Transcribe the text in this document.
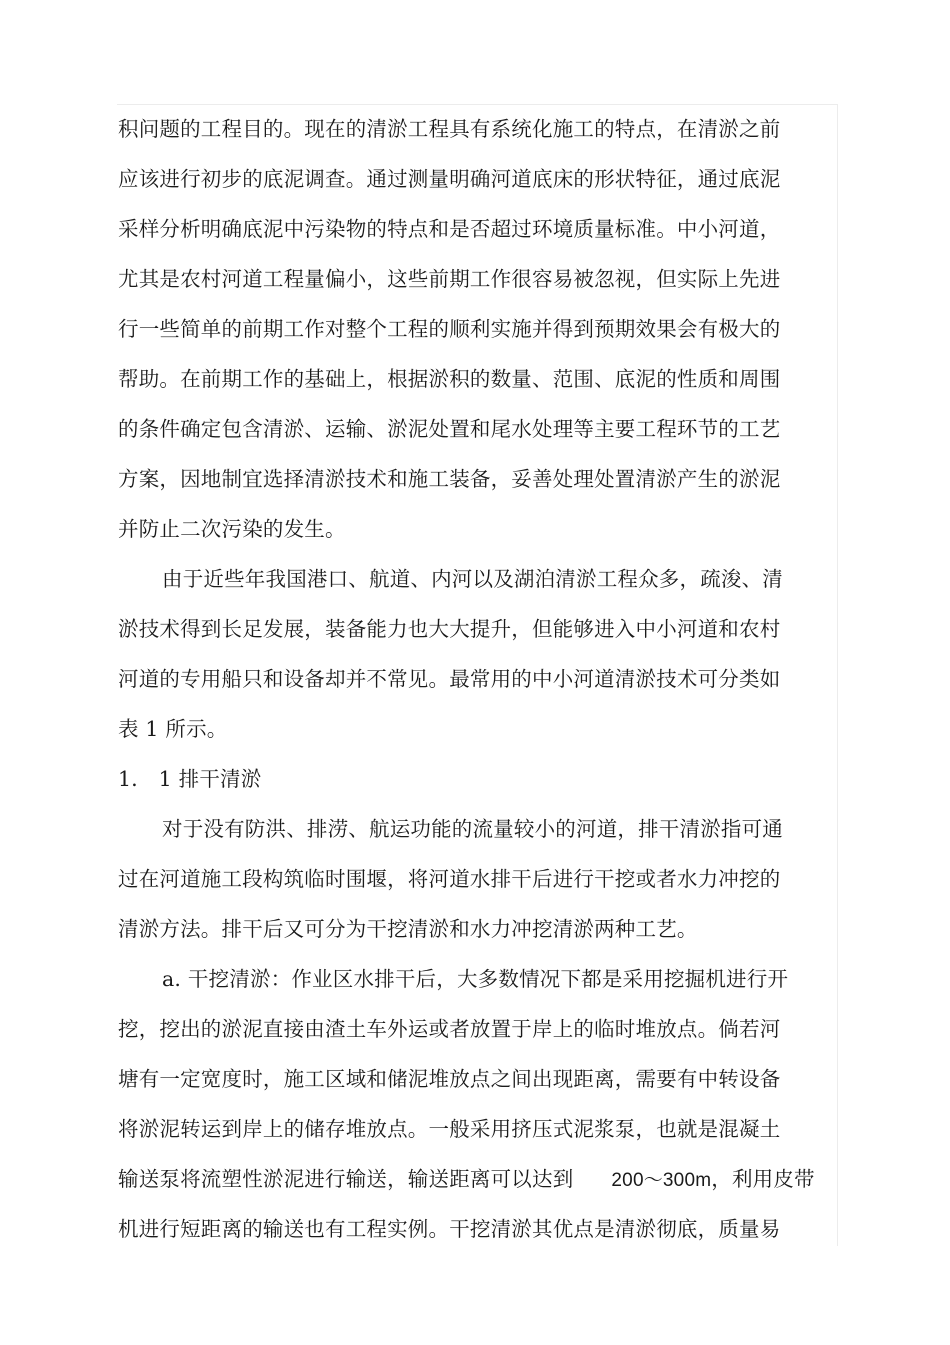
积问题的工程目的。现在的清淤工程具有系统化施工的特点，在清淤之前
应该进行初步的底泥调查。通过测量明确河道底床的形状特征，通过底泥
采样分析明确底泥中污染物的特点和是否超过环境质量标准。中小河道，
尤其是农村河道工程量偏小，这些前期工作很容易被忽视，但实际上先进
行一些简单的前期工作对整个工程的顺利实施并得到预期效果会有极大的
帮助。在前期工作的基础上，根据淤积的数量、范围、底泥的性质和周围
的条件确定包含清淤、运输、淤泥处置和尾水处理等主要工程环节的工艺
方案，因地制宜选择清淤技术和施工装备，妥善处理处置清淤产生的淤泥
并防止二次污染的发生。
由于近些年我国港口、航道、内河以及湖泊清淤工程众多，疏浚、清
淤技术得到长足发展，装备能力也大大提升，但能够进入中小河道和农村
河道的专用船只和设备却并不常见。最常用的中小河道清淤技术可分类如
表 1 所示。
1． 1 排干清淤
对于没有防洪、排涝、航运功能的流量较小的河道，排干清淤指可通
过在河道施工段构筑临时围堰，将河道水排干后进行干挖或者水力冲挖的
清淤方法。排干后又可分为干挖清淤和水力冲挖清淤两种工艺。
a. 干挖清淤：作业区水排干后，大多数情况下都是采用挖掘机进行开
挖，挖出的淤泥直接由渣土车外运或者放置于岸上的临时堆放点。倘若河
塘有一定宽度时，施工区域和储泥堆放点之间出现距离，需要有中转设备
将淤泥转运到岸上的储存堆放点。一般采用挤压式泥浆泵，也就是混凝土
输送泵将流塑性淤泥进行输送，输送距离可以达到 200～300m，利用皮带
机进行短距离的输送也有工程实例。干挖清淤其优点是清淤彻底，质量易
